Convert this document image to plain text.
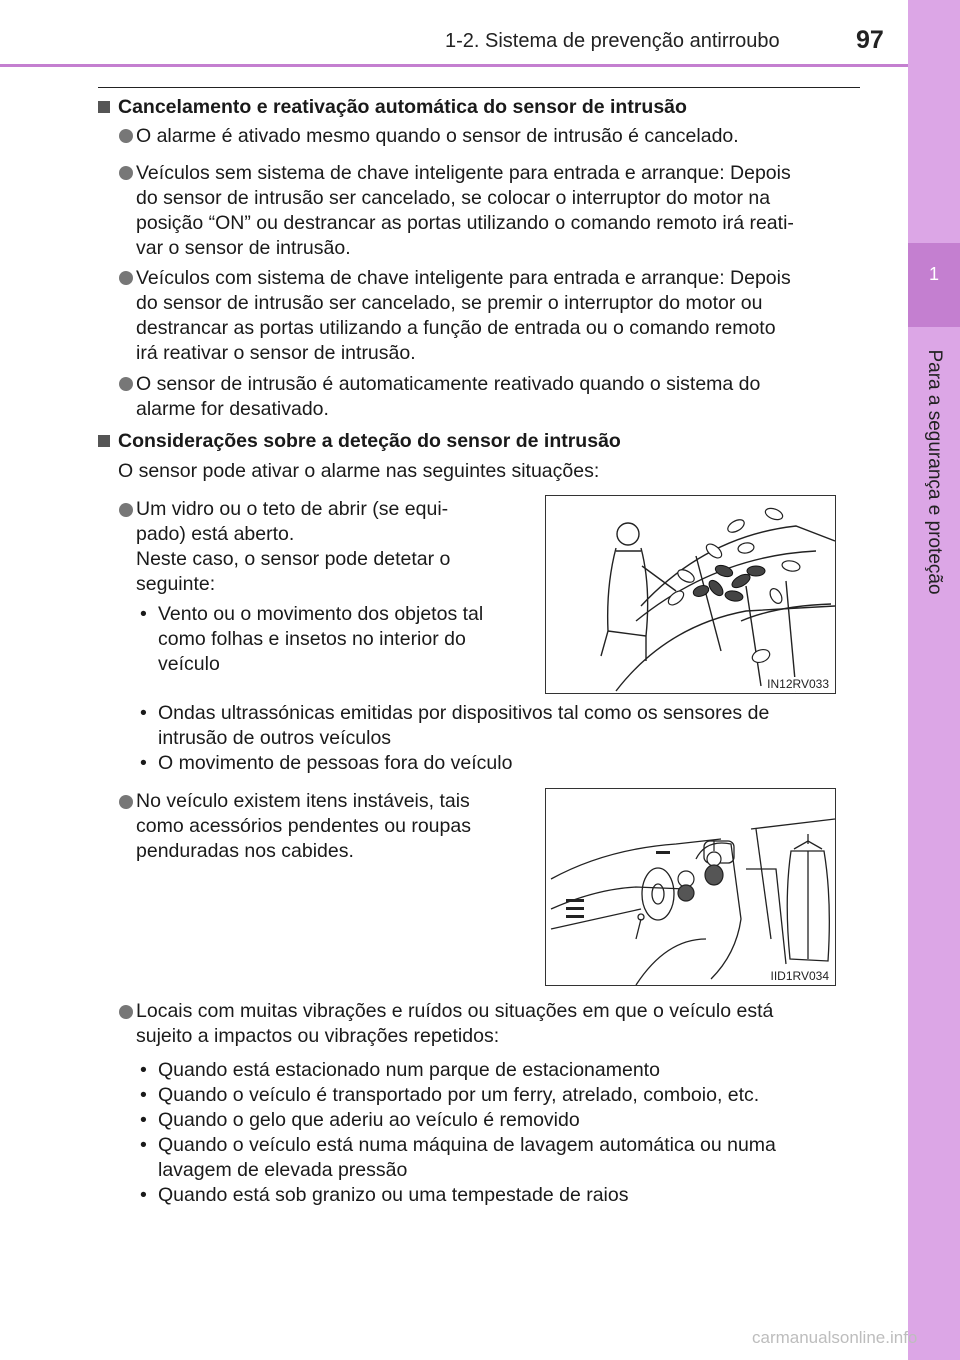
1-2. Sistema de prevenção antirroubo	97
1
Para a segurança e proteção
Cancelamento e reativação automática do sensor de intrusão
O alarme é ativado mesmo quando o sensor de intrusão é cancelado.
Veículos sem sistema de chave inteligente para entrada e arranque: Depois
do sensor de intrusão ser cancelado, se colocar o interruptor do motor na
posição “ON” ou destrancar as portas utilizando o comando remoto irá reati-
var o sensor de intrusão.
Veículos com sistema de chave inteligente para entrada e arranque: Depois
do sensor de intrusão ser cancelado, se premir o interruptor do motor ou
destrancar as portas utilizando a função de entrada ou o comando remoto
irá reativar o sensor de intrusão.
O sensor de intrusão é automaticamente reativado quando o sistema do
alarme for desativado.
Considerações sobre a deteção do sensor de intrusão
O sensor pode ativar o alarme nas seguintes situações:
Um vidro ou o teto de abrir (se equi-
pado) está aberto.
Neste caso, o sensor pode detetar o
seguinte:
• Vento ou o movimento dos objetos tal
como folhas e insetos no interior do
veículo
IN12RV033
• Ondas ultrassónicas emitidas por dispositivos tal como os sensores de
intrusão de outros veículos
• O movimento de pessoas fora do veículo
No veículo existem itens instáveis, tais
como acessórios pendentes ou roupas
penduradas nos cabides.
IID1RV034
Locais com muitas vibrações e ruídos ou situações em que o veículo está
sujeito a impactos ou vibrações repetidos:
• Quando está estacionado num parque de estacionamento
• Quando o veículo é transportado por um ferry, atrelado, comboio, etc.
• Quando o gelo que aderiu ao veículo é removido
• Quando o veículo está numa máquina de lavagem automática ou numa
lavagem de elevada pressão
• Quando está sob granizo ou uma tempestade de raios
carmanualsonline.info
